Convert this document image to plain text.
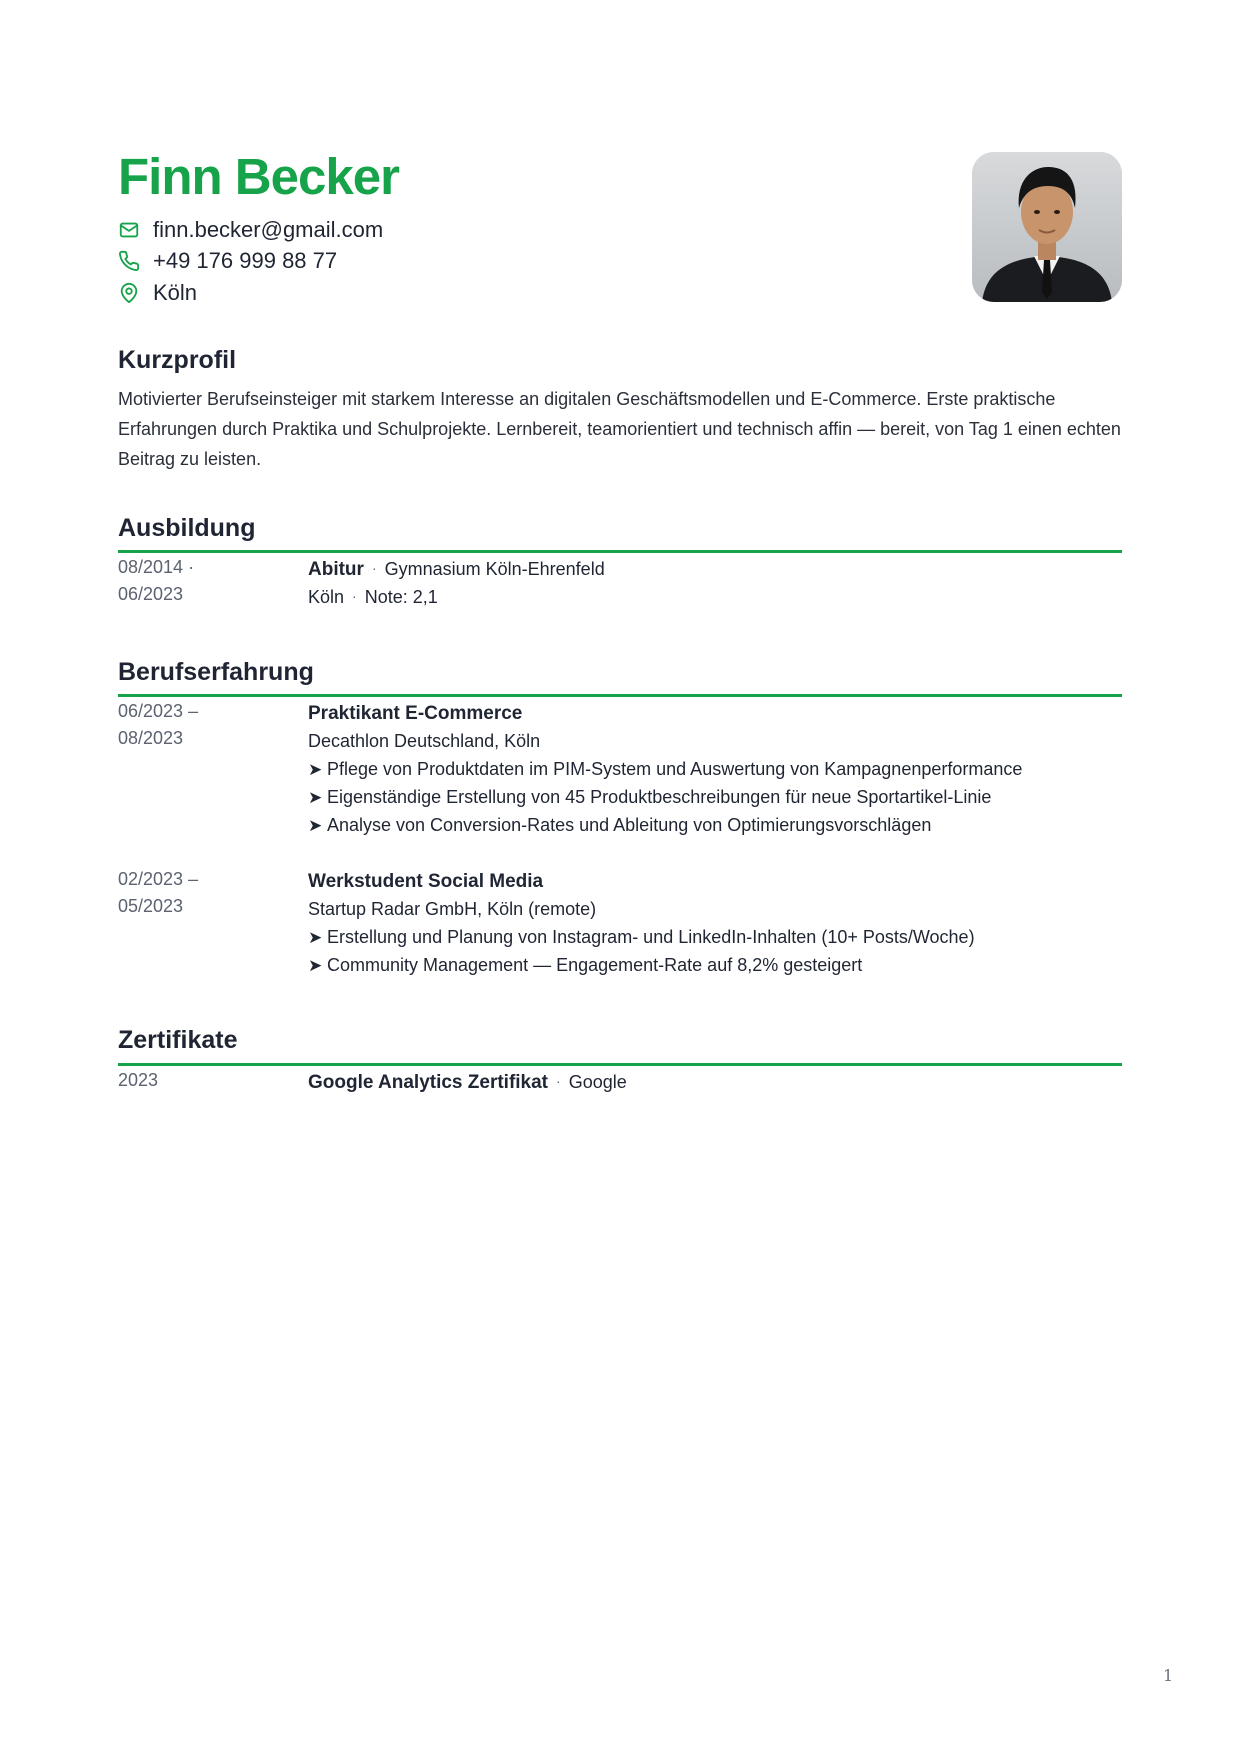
Finn Becker
finn.becker@gmail.com
+49 176 999 88 77
Köln
Kurzprofil

Motivierter Berufseinsteiger mit starkem Interesse an digitalen Geschäftsmodellen und E-Commerce. Erste praktische Erfahrungen durch Praktika und Schulprojekte. Lernbereit, teamorientiert und technisch affin — bereit, von Tag 1 einen echten Beitrag zu leisten.

Ausbildung
08/2014 ·
06/2023
Abitur · Gymnasium Köln-Ehrenfeld
Köln · Note: 2,1
Berufserfahrung
06/2023 –
08/2023
Praktikant E-Commerce
Decathlon Deutschland, Köln
➤ Pflege von Produktdaten im PIM-System und Auswertung von Kampagnenperformance
➤ Eigenständige Erstellung von 45 Produktbeschreibungen für neue Sportartikel-Linie
➤ Analyse von Conversion-Rates und Ableitung von Optimierungsvorschlägen
02/2023 –
05/2023
Werkstudent Social Media
Startup Radar GmbH, Köln (remote)
➤ Erstellung und Planung von Instagram- und LinkedIn-Inhalten (10+ Posts/Woche)
➤ Community Management — Engagement-Rate auf 8,2% gesteigert
Zertifikate
2023	Google Analytics Zertifikat · Google
1
